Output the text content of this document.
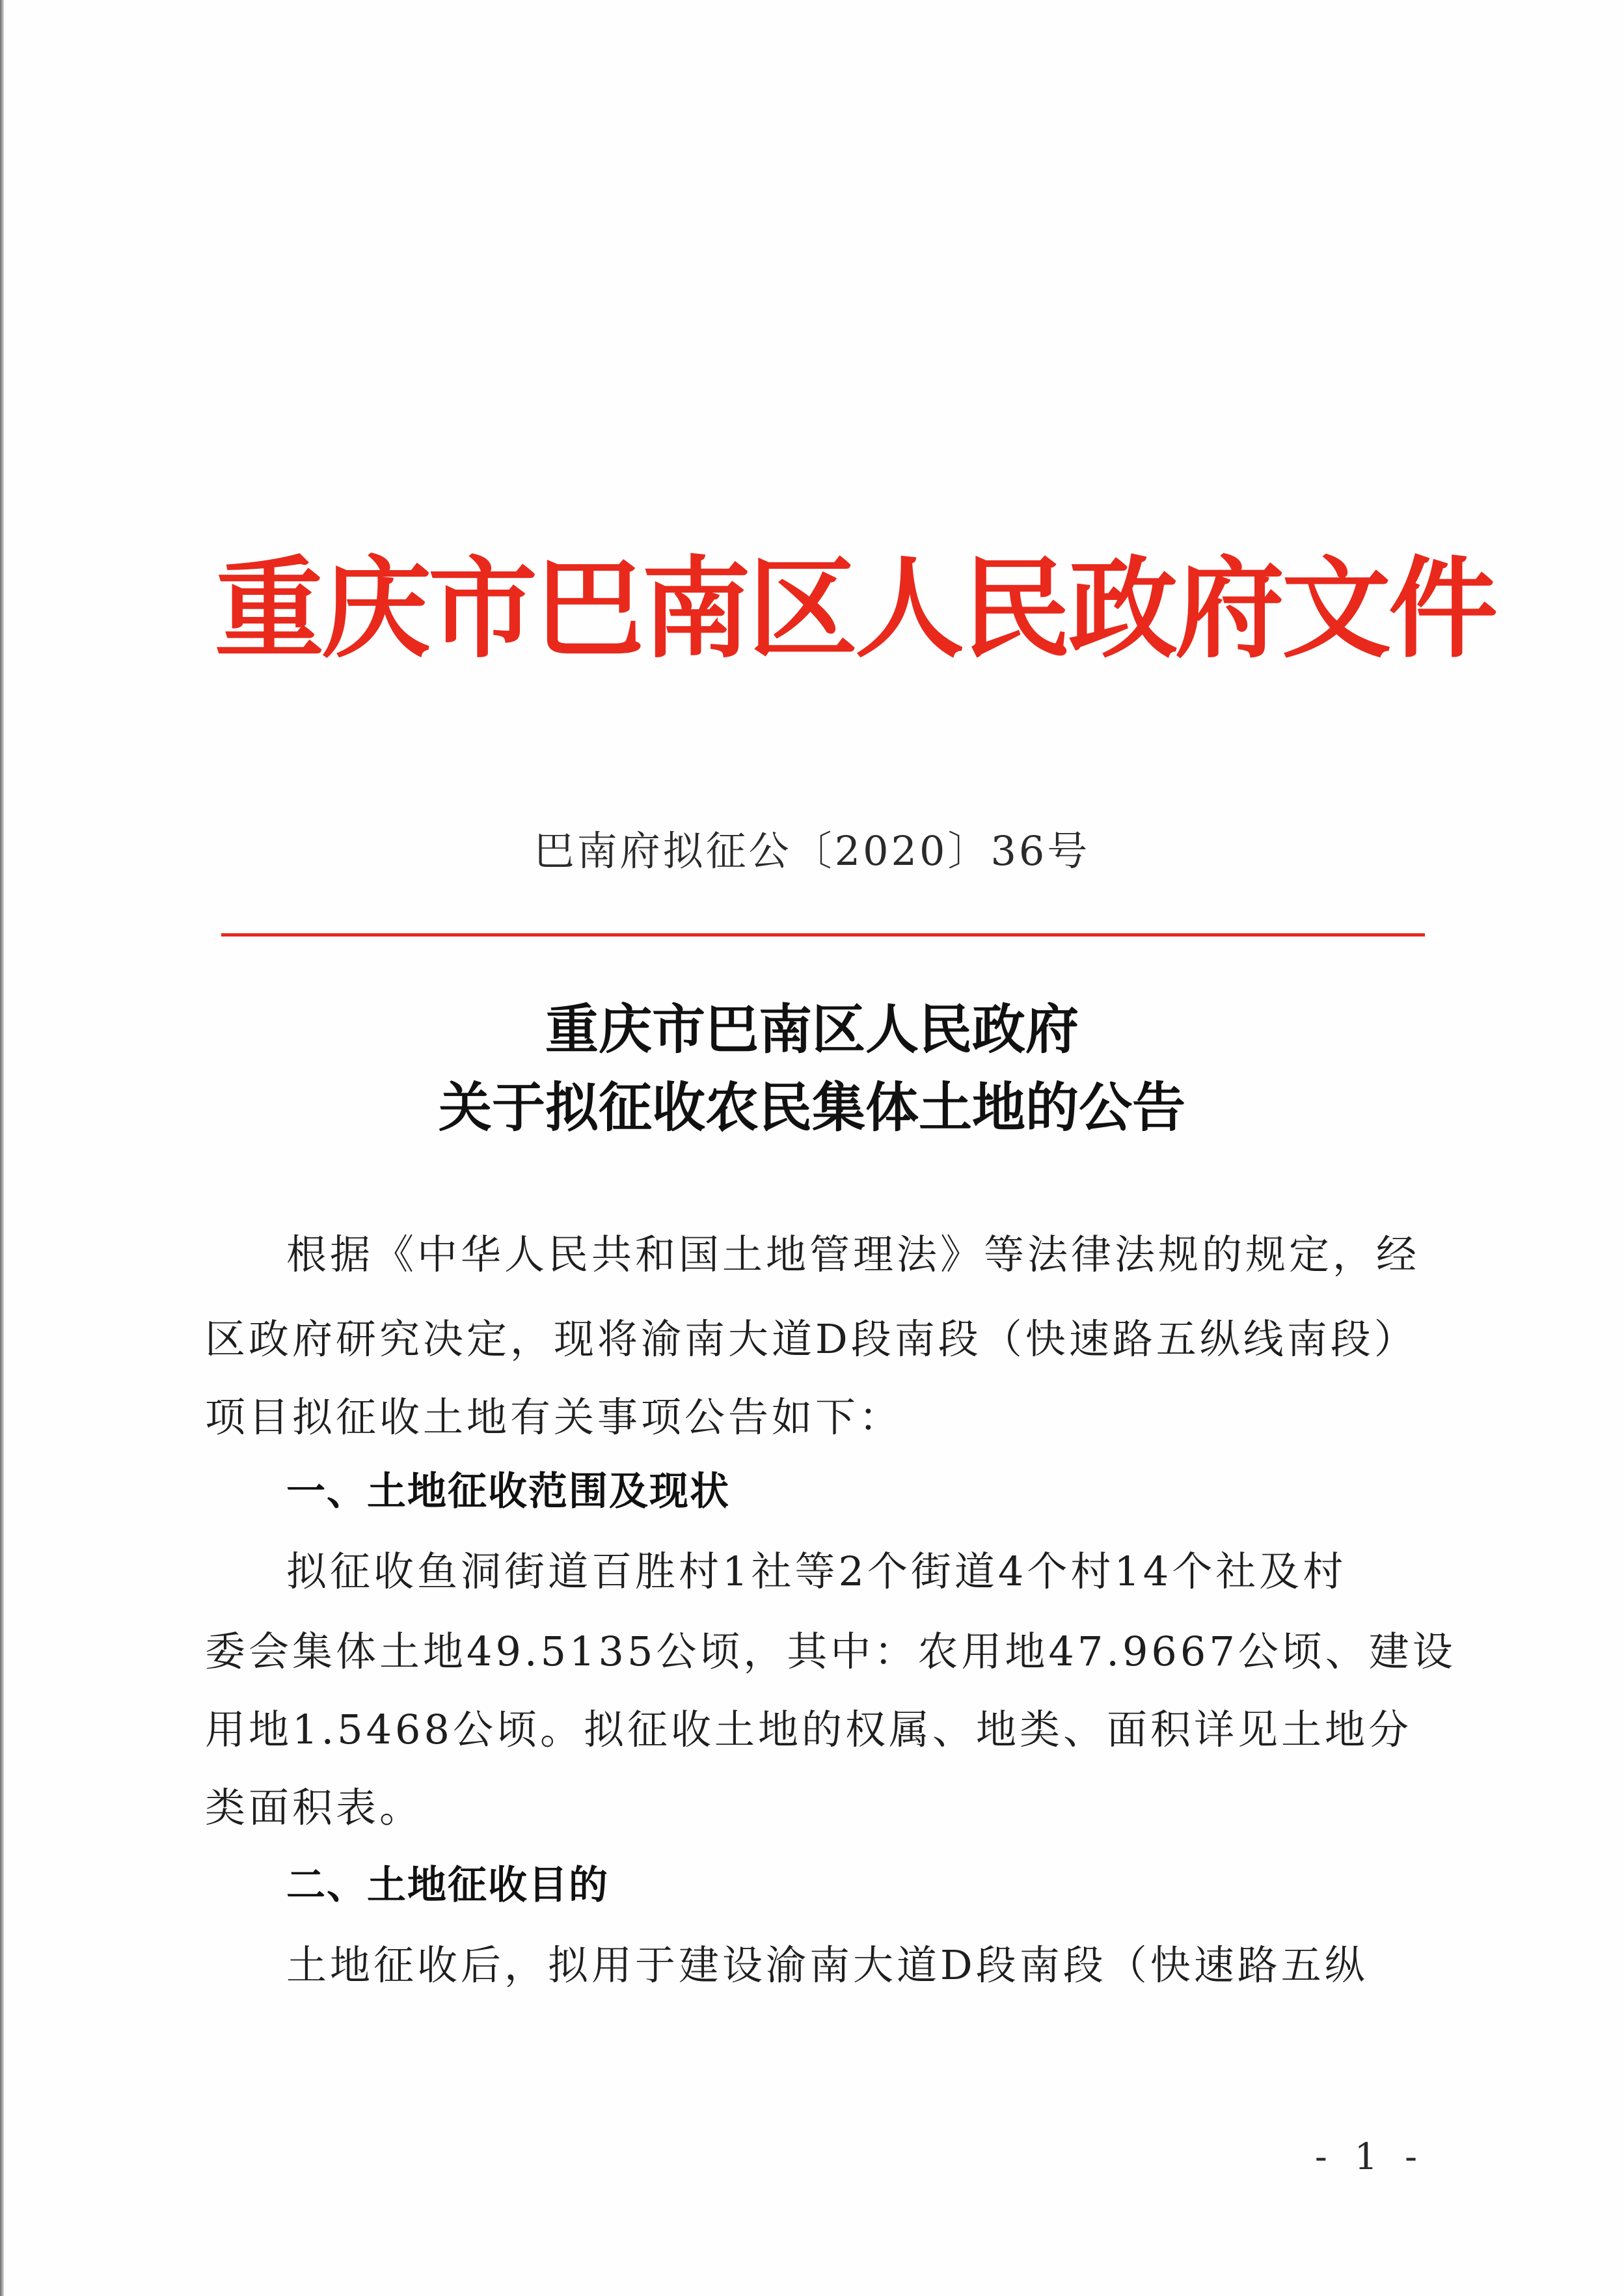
重庆市巴南区人民政府文件
巴南府拟征公〔2020〕36号
重庆市巴南区人民政府
关于拟征收农民集体土地的公告
根据《中华人民共和国土地管理法》等法律法规的规定，经
区政府研究决定，现将渝南大道D段南段（快速路五纵线南段）
项目拟征收土地有关事项公告如下：
一、土地征收范围及现状
拟征收鱼洞街道百胜村1社等2个街道4个村14个社及村
委会集体土地49.5135公顷，其中：农用地47.9667公顷、建设
用地1.5468公顷。拟征收土地的权属、地类、面积详见土地分
类面积表。
二、土地征收目的
土地征收后，拟用于建设渝南大道D段南段（快速路五纵
- 1 -
